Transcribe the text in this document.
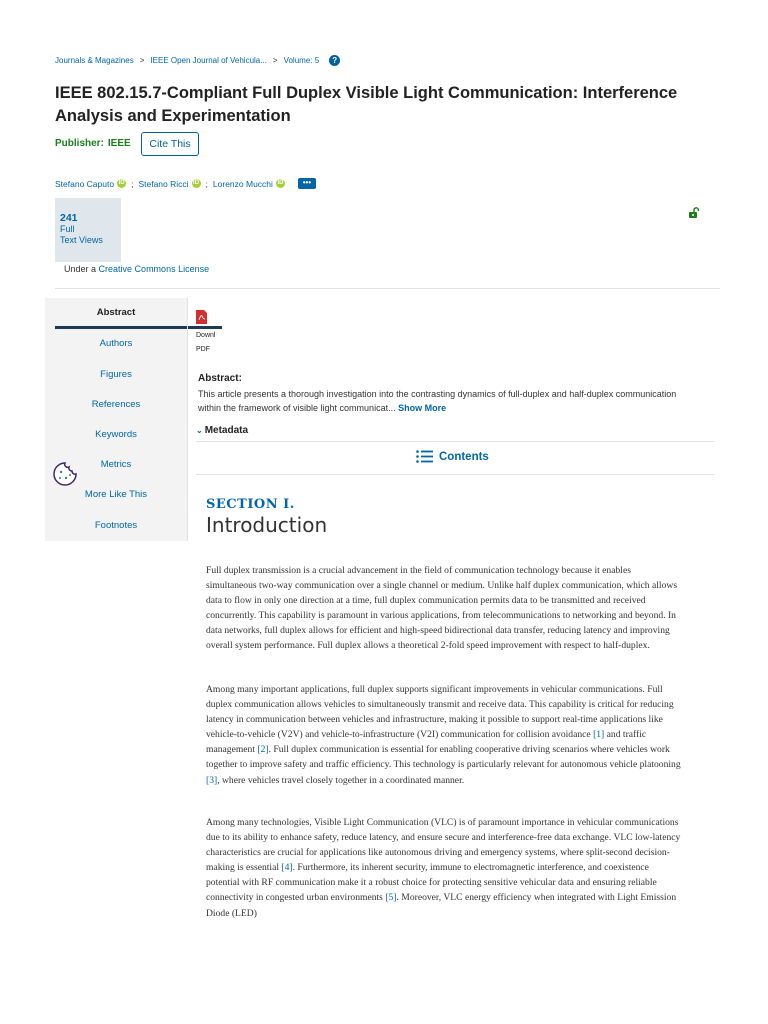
Journals & Magazines > IEEE Open Journal of Vehicula... > Volume: 5	?
IEEE 802.15.7-Compliant Full Duplex Visible Light Communication: Interference Analysis and Experimentation
Publisher: IEEE	Cite This
Stefano Caputo iD ; Stefano Ricci iD ; Lorenzo Mucchi iD	•••
241
Full
Text Views
Under a Creative Commons License
Abstract
Authors
Figures
References
Keywords
Metrics
More Like This
Footnotes
Downl
PDF
Abstract:
This article presents a thorough investigation into the contrasting dynamics of full-duplex and half-duplex communication within the framework of visible light communicat... Show More
⌄ Metadata
Contents
SECTION I.
Introduction

Full duplex transmission is a crucial advancement in the field of communication technology because it enables simultaneous two-way communication over a single channel or medium. Unlike half duplex communication, which allows data to flow in only one direction at a time, full duplex communication permits data to be transmitted and received concurrently. This capability is paramount in various applications, from telecommunications to networking and beyond. In data networks, full duplex allows for efficient and high-speed bidirectional data transfer, reducing latency and improving overall system performance. Full duplex allows a theoretical 2-fold speed improvement with respect to half-duplex.

Among many important applications, full duplex supports significant improvements in vehicular communications. Full duplex communication allows vehicles to simultaneously transmit and receive data. This capability is critical for reducing latency in communication between vehicles and infrastructure, making it possible to support real-time applications like vehicle-to-vehicle (V2V) and vehicle-to-infrastructure (V2I) communication for collision avoidance [1] and traffic management [2]. Full duplex communication is essential for enabling cooperative driving scenarios where vehicles work together to improve safety and traffic efficiency. This technology is particularly relevant for autonomous vehicle platooning [3], where vehicles travel closely together in a coordinated manner.

Among many technologies, Visible Light Communication (VLC) is of paramount importance in vehicular communications due to its ability to enhance safety, reduce latency, and ensure secure and interference-free data exchange. VLC low-latency characteristics are crucial for applications like autonomous driving and emergency systems, where split-second decision-making is essential [4]. Furthermore, its inherent security, immune to electromagnetic interference, and coexistence potential with RF communication make it a robust choice for protecting sensitive vehicular data and ensuring reliable connectivity in congested urban environments [5]. Moreover, VLC energy efficiency when integrated with Light Emission Diode (LED)
